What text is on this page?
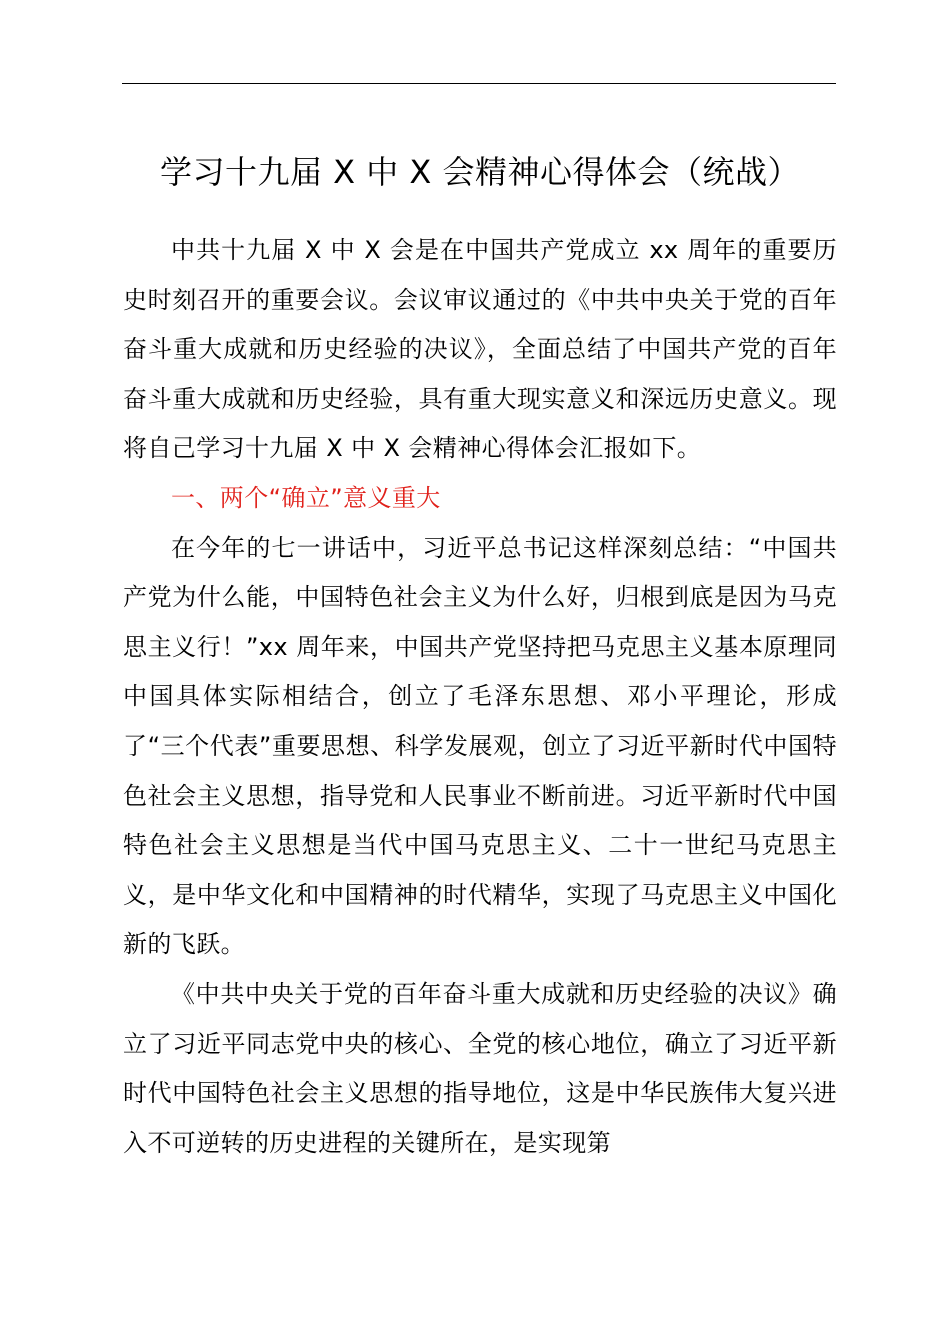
学习十九届 X 中 X 会精神心得体会（统战）

中共十九届 X 中 X 会是在中国共产党成立 xx 周年的重要历史时刻召开的重要会议。会议审议通过的《中共中央关于党的百年奋斗重大成就和历史经验的决议》，全面总结了中国共产党的百年奋斗重大成就和历史经验，具有重大现实意义和深远历史意义。现将自己学习十九届 X 中 X 会精神心得体会汇报如下。

一、两个“确立”意义重大

在今年的七一讲话中，习近平总书记这样深刻总结：“中国共产党为什么能，中国特色社会主义为什么好，归根到底是因为马克思主义行！”xx 周年来，中国共产党坚持把马克思主义基本原理同中国具体实际相结合，创立了毛泽东思想、邓小平理论，形成了“三个代表”重要思想、科学发展观，创立了习近平新时代中国特色社会主义思想，指导党和人民事业不断前进。习近平新时代中国特色社会主义思想是当代中国马克思主义、二十一世纪马克思主义，是中华文化和中国精神的时代精华，实现了马克思主义中国化新的飞跃。

《中共中央关于党的百年奋斗重大成就和历史经验的决议》确立了习近平同志党中央的核心、全党的核心地位，确立了习近平新时代中国特色社会主义思想的指导地位，这是中华民族伟大复兴进入不可逆转的历史进程的关键所在，是实现第
